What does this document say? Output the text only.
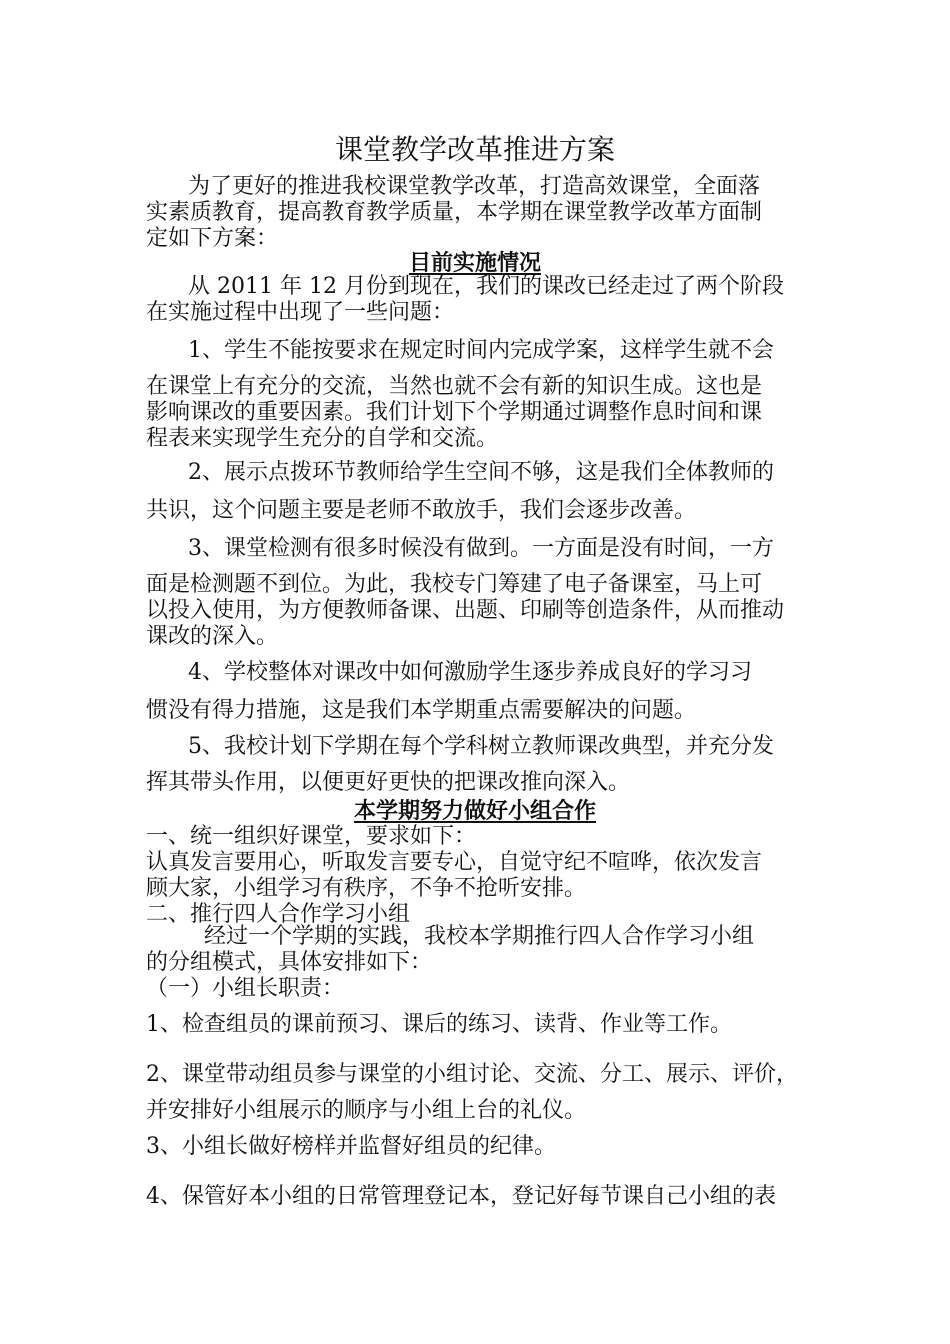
课堂教学改革推进方案
为了更好的推进我校课堂教学改革，打造高效课堂，全面落
实素质教育，提高教育教学质量，本学期在课堂教学改革方面制
定如下方案：
目前实施情况
从 2011 年 12 月份到现在，我们的课改已经走过了两个阶段
在实施过程中出现了一些问题：
1、学生不能按要求在规定时间内完成学案，这样学生就不会
在课堂上有充分的交流，当然也就不会有新的知识生成。这也是
影响课改的重要因素。我们计划下个学期通过调整作息时间和课
程表来实现学生充分的自学和交流。
2、展示点拨环节教师给学生空间不够，这是我们全体教师的
共识，这个问题主要是老师不敢放手，我们会逐步改善。
3、课堂检测有很多时候没有做到。一方面是没有时间，一方
面是检测题不到位。为此，我校专门筹建了电子备课室，马上可
以投入使用，为方便教师备课、出题、印刷等创造条件，从而推动
课改的深入。
4、学校整体对课改中如何激励学生逐步养成良好的学习习
惯没有得力措施，这是我们本学期重点需要解决的问题。
5、我校计划下学期在每个学科树立教师课改典型，并充分发
挥其带头作用，以便更好更快的把课改推向深入。
本学期努力做好小组合作
一、统一组织好课堂，要求如下：
认真发言要用心，听取发言要专心，自觉守纪不喧哗，依次发言
顾大家，小组学习有秩序，不争不抢听安排。
二、推行四人合作学习小组
经过一个学期的实践，我校本学期推行四人合作学习小组
的分组模式，具体安排如下：
（一）小组长职责：
1、检查组员的课前预习、课后的练习、读背、作业等工作。
2、课堂带动组员参与课堂的小组讨论、交流、分工、展示、评价，
并安排好小组展示的顺序与小组上台的礼仪。
3、小组长做好榜样并监督好组员的纪律。
4、保管好本小组的日常管理登记本，登记好每节课自己小组的表
